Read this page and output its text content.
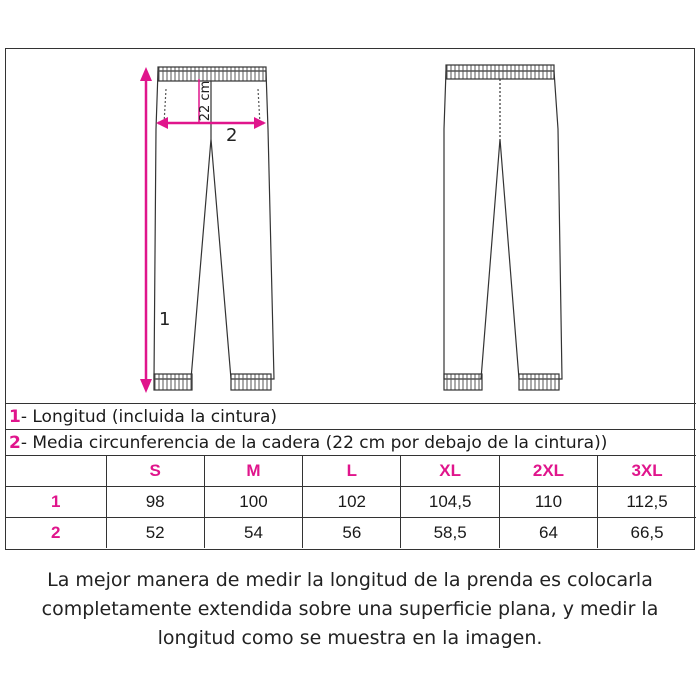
22 cm
2
1
1- Longitud (incluida la cintura)
2- Media circunferencia de la cadera (22 cm por debajo de la cintura))
	S	M	L	XL	2XL	3XL
1	98	100	102	104,5	110	112,5
2	52	54	56	58,5	64	66,5
La mejor manera de medir la longitud de la prenda es colocarla
completamente extendida sobre una superficie plana, y medir la
longitud como se muestra en la imagen.
